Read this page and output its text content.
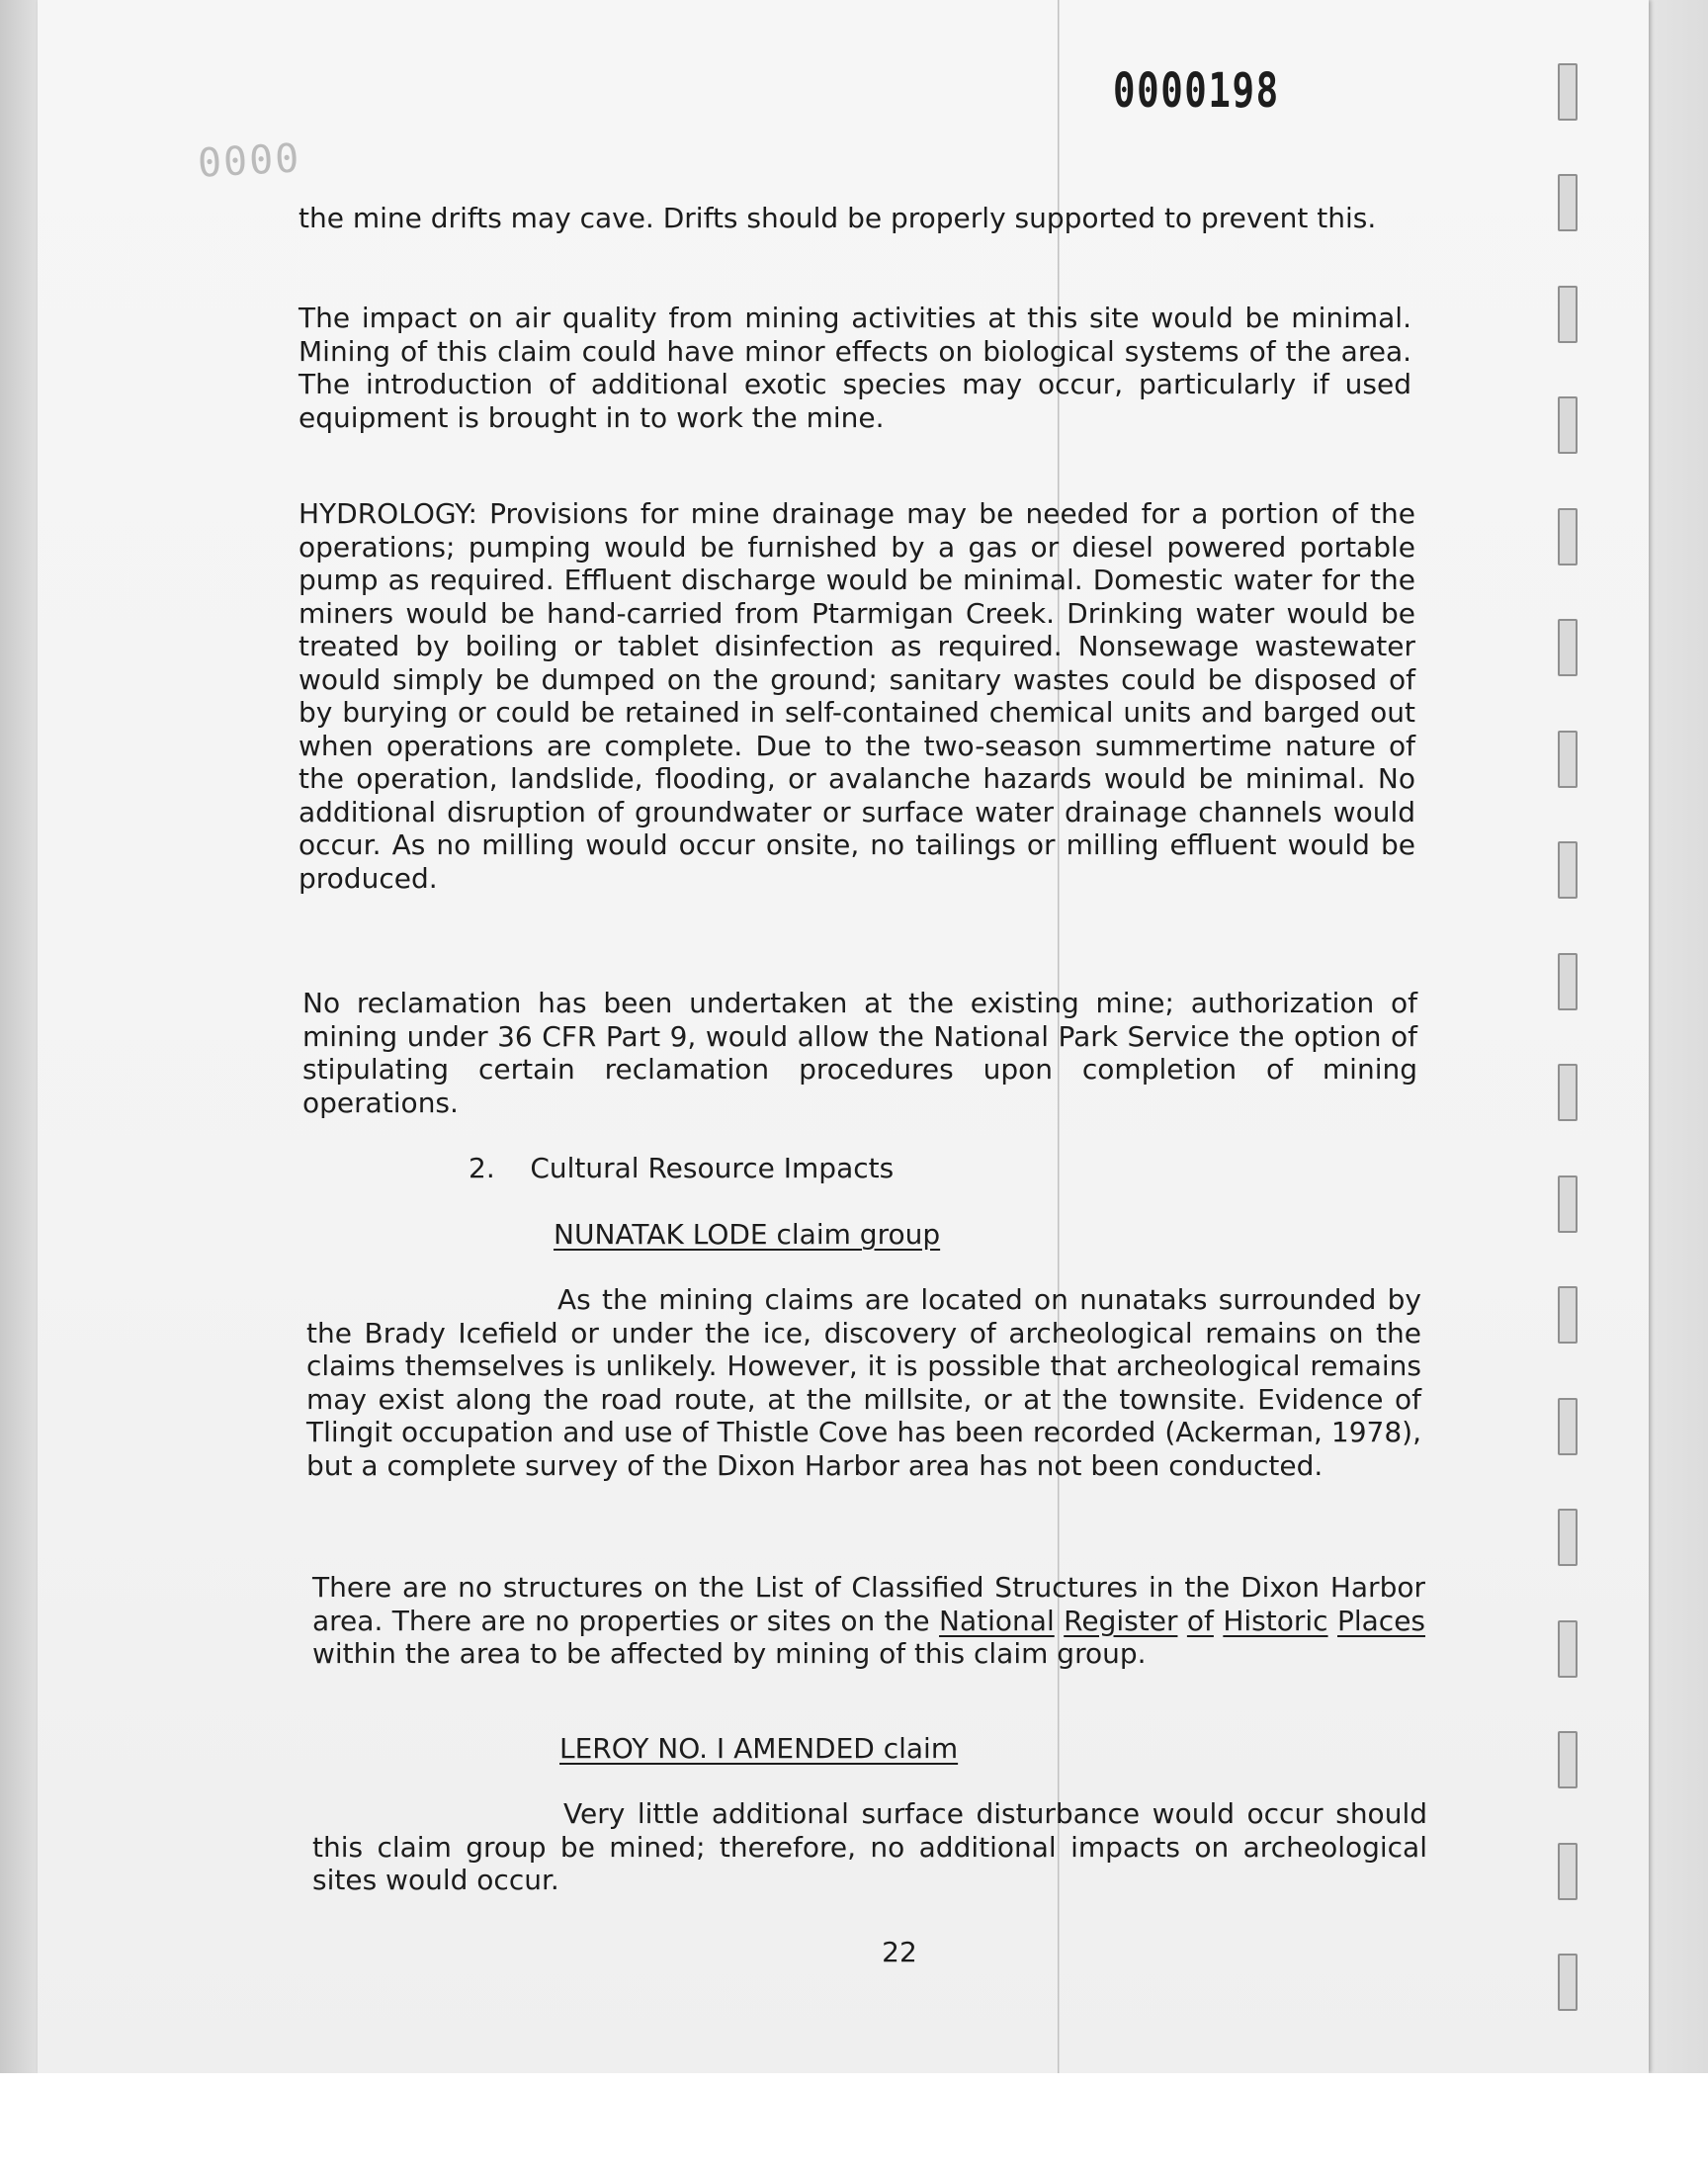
0000198
0000

the mine drifts may cave. Drifts should be properly supported to prevent this.

The impact on air quality from mining activities at this site would be minimal. Mining of this claim could have minor effects on biological systems of the area. The introduction of additional exotic species may occur, particularly if used equipment is brought in to work the mine.

HYDROLOGY: Provisions for mine drainage may be needed for a portion of the operations; pumping would be furnished by a gas or diesel powered portable pump as required. Effluent discharge would be minimal. Domestic water for the miners would be hand-carried from Ptarmigan Creek. Drinking water would be treated by boiling or tablet disinfection as required. Nonsewage wastewater would simply be dumped on the ground; sanitary wastes could be disposed of by burying or could be retained in self-contained chemical units and barged out when operations are complete. Due to the two-season summertime nature of the operation, landslide, flooding, or avalanche hazards would be minimal. No additional disruption of groundwater or surface water drainage channels would occur. As no milling would occur onsite, no tailings or milling effluent would be produced.

No reclamation has been undertaken at the existing mine; authorization of mining under 36 CFR Part 9, would allow the National Park Service the option of stipulating certain reclamation procedures upon completion of mining operations.

2.    Cultural Resource Impacts
NUNATAK LODE claim group

As the mining claims are located on nunataks surrounded by the Brady Icefield or under the ice, discovery of archeological remains on the claims themselves is unlikely. However, it is possible that archeological remains may exist along the road route, at the millsite, or at the townsite. Evidence of Tlingit occupation and use of Thistle Cove has been recorded (Ackerman, 1978), but a complete survey of the Dixon Harbor area has not been conducted.

There are no structures on the List of Classified Structures in the Dixon Harbor area. There are no properties or sites on the National Register of Historic Places within the area to be affected by mining of this claim group.

LEROY NO. I AMENDED claim

Very little additional surface disturbance would occur should this claim group be mined; therefore, no additional impacts on archeological sites would occur.

22
